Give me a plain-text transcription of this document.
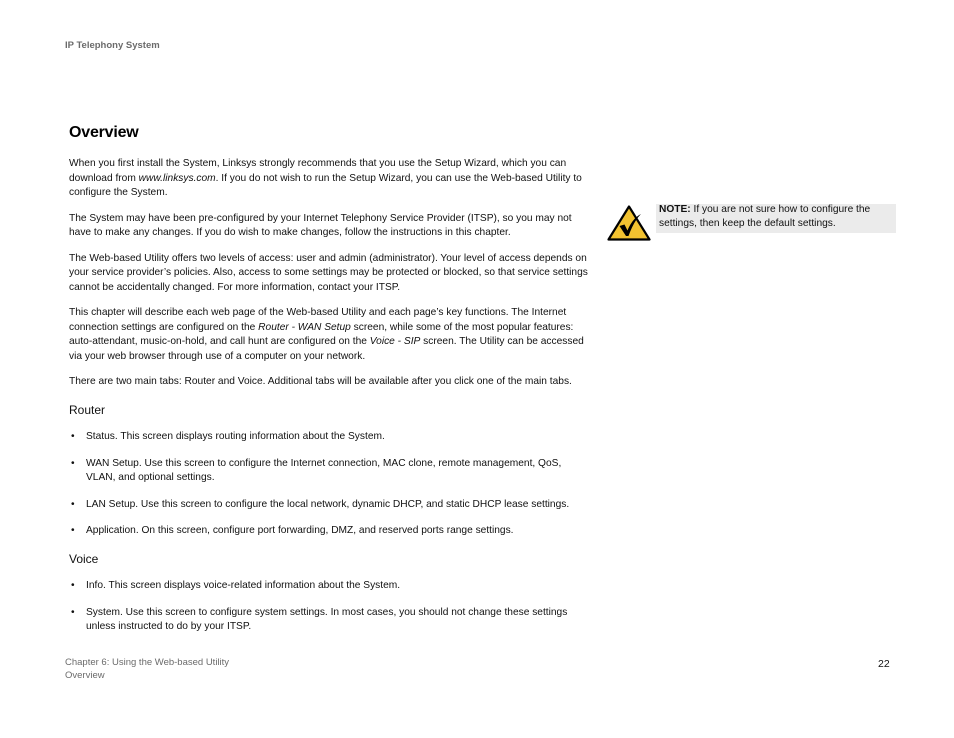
IP Telephony System
Overview

When you first install the System, Linksys strongly recommends that you use the Setup Wizard, which you can download from www.linksys.com. If you do not wish to run the Setup Wizard, you can use the Web-based Utility to configure the System.

The System may have been pre-configured by your Internet Telephony Service Provider (ITSP), so you may not have to make any changes. If you do wish to make changes, follow the instructions in this chapter.

The Web-based Utility offers two levels of access: user and admin (administrator). Your level of access depends on your service provider’s policies. Also, access to some settings may be protected or blocked, so that service settings cannot be accidentally changed. For more information, contact your ITSP.

This chapter will describe each web page of the Web-based Utility and each page’s key functions. The Internet connection settings are configured on the Router - WAN Setup screen, while some of the most popular features: auto-attendant, music-on-hold, and call hunt are configured on the Voice - SIP screen. The Utility can be accessed via your web browser through use of a computer on your network.

There are two main tabs: Router and Voice. Additional tabs will be available after you click one of the main tabs.

Router
• Status. This screen displays routing information about the System.
• WAN Setup. Use this screen to configure the Internet connection, MAC clone, remote management, QoS, VLAN, and optional settings.
• LAN Setup. Use this screen to configure the local network, dynamic DHCP, and static DHCP lease settings.
• Application. On this screen, configure port forwarding, DMZ, and reserved ports range settings.
Voice
• Info. This screen displays voice-related information about the System.
• System. Use this screen to configure system settings. In most cases, you should not change these settings unless instructed to do by your ITSP.
NOTE: If you are not sure how to configure the settings, then keep the default settings.
Chapter 6: Using the Web-based Utility
Overview
22
